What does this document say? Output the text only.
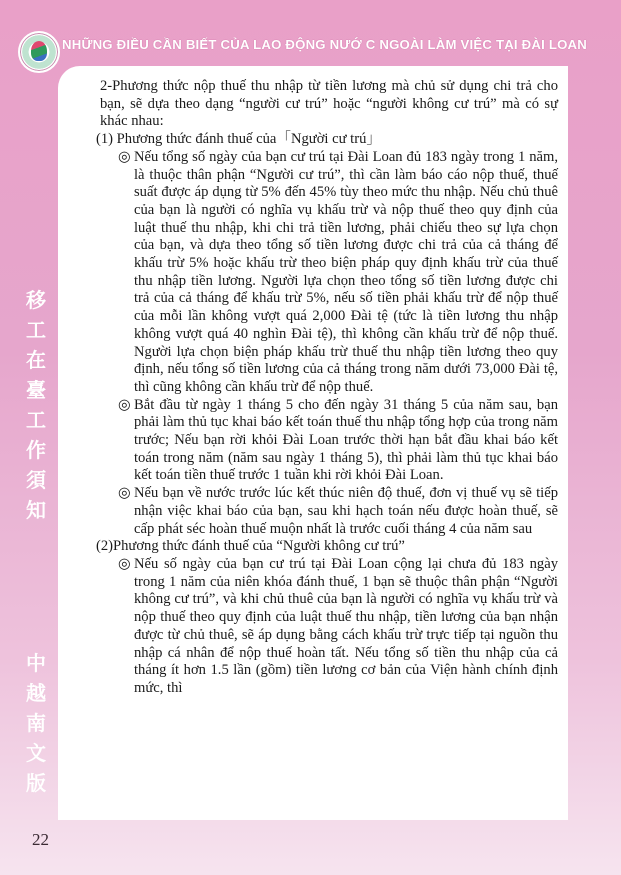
NHỮNG ĐIỀU CẦN BIẾT CỦA LAO ĐỘNG NƯỚ C NGOÀI LÀM VIỆC TẠI ĐÀI LOAN
移
工
在
臺
工
作
須
知
中
越
南
文
版
22

2-Phương thức nộp thuế thu nhập từ tiền lương mà chủ sử dụng chi trả cho bạn, sẽ dựa theo dạng “người cư trú” hoặc “người không cư trú” mà có sự khác nhau:

(1) Phương thức đánh thuế của「Người cư trú」

◎ Nếu tổng số ngày của bạn cư trú tại Đài Loan đủ 183 ngày trong 1 năm, là thuộc thân phận “Người cư trú”, thì cần làm báo cáo nộp thuế, thuế suất được áp dụng từ 5% đến 45% tùy theo mức thu nhập. Nếu chủ thuê của bạn là người có nghĩa vụ khấu trừ và nộp thuế theo quy định của luật thuế thu nhập, khi chi trả tiền lương, phải chiếu theo sự lựa chọn của bạn, và dựa theo tổng số tiền lương được chi trả của cả tháng để khấu trừ 5% hoặc khấu trừ theo biện pháp quy định khấu trừ của thuế thu nhập tiền lương. Người lựa chọn theo tổng số tiền lương được chi trả của cả tháng để khấu trừ 5%, nếu số tiền phải khấu trừ để nộp thuế của mỗi lần không vượt quá 2,000 Đài tệ (tức là tiền lương thu nhập không vượt quá 40 nghìn Đài tệ), thì không cần khấu trừ để nộp thuế. Người lựa chọn biện pháp khấu trừ thuế thu nhập tiền lương theo quy định, nếu tổng số tiền lương của cả tháng trong năm dưới 73,000 Đài tệ, thì cũng không cần khấu trừ để nộp thuế.

◎ Bắt đầu từ ngày 1 tháng 5 cho đến ngày 31 tháng 5 của năm sau, bạn phải làm thủ tục khai báo kết toán thuế thu nhập tổng hợp của trong năm trước; Nếu bạn rời khỏi Đài Loan trước thời hạn bắt đầu khai báo kết toán trong năm (năm sau ngày 1 tháng 5), thì phải làm thủ tục khai báo kết toán tiền thuế trước 1 tuần khi rời khỏi Đài Loan.

◎ Nếu bạn về nước trước lúc kết thúc niên độ thuế, đơn vị thuế vụ sẽ tiếp nhận việc khai báo của bạn, sau khi hạch toán nếu được hoàn thuế, sẽ cấp phát séc hoàn thuế muộn nhất là trước cuối tháng 4 của năm sau

(2)Phương thức đánh thuế của “Người không cư trú”

◎ Nếu số ngày của bạn cư trú tại Đài Loan cộng lại chưa đủ 183 ngày trong 1 năm của niên khóa đánh thuế, 1 bạn sẽ thuộc thân phận “Người không cư trú”, và khi chủ thuê của bạn là người có nghĩa vụ khấu trừ và nộp thuế theo quy định của luật thuế thu nhập, tiền lương của bạn nhận được từ chủ thuê, sẽ áp dụng bằng cách khấu trừ trực tiếp tại nguồn thu nhập cá nhân để nộp thuế hoàn tất. Nếu tổng số tiền thu nhập của cả tháng ít hơn 1.5 lần (gồm) tiền lương cơ bản của Viện hành chính định mức, thì
